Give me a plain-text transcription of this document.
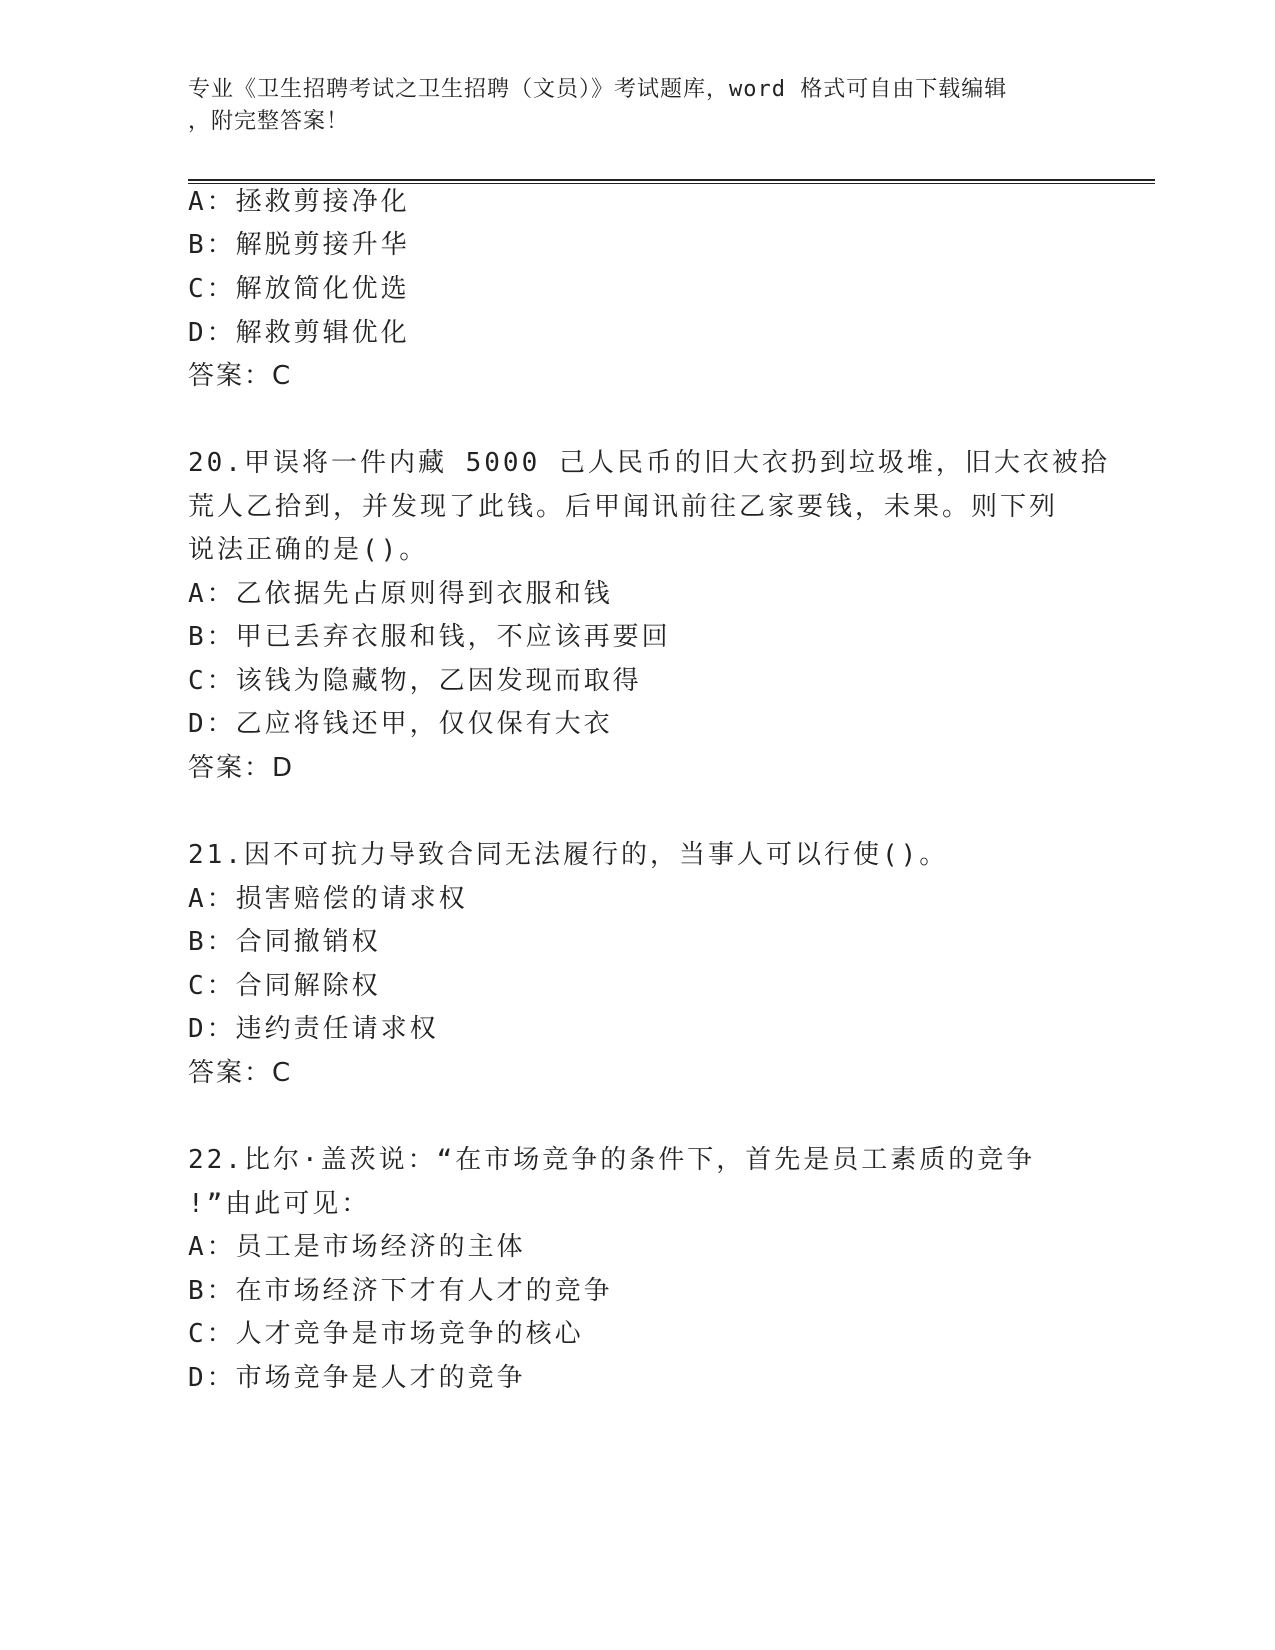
专业《卫生招聘考试之卫生招聘（文员）》考试题库，word 格式可自由下载编辑
，附完整答案！
A：拯救剪接净化
B：解脱剪接升华
C：解放简化优选
D：解救剪辑优化
答案：C
20.甲误将一件内藏 5000 己人民币的旧大衣扔到垃圾堆，旧大衣被拾
荒人乙拾到，并发现了此钱。后甲闻讯前往乙家要钱，未果。则下列
说法正确的是()。
A：乙依据先占原则得到衣服和钱
B：甲已丢弃衣服和钱，不应该再要回
C：该钱为隐藏物，乙因发现而取得
D：乙应将钱还甲，仅仅保有大衣
答案：D
21.因不可抗力导致合同无法履行的，当事人可以行使()。
A：损害赔偿的请求权
B：合同撤销权
C：合同解除权
D：违约责任请求权
答案：C
22.比尔·盖茨说：“在市场竞争的条件下，首先是员工素质的竞争
!”由此可见：
A：员工是市场经济的主体
B：在市场经济下才有人才的竞争
C：人才竞争是市场竞争的核心
D：市场竞争是人才的竞争
